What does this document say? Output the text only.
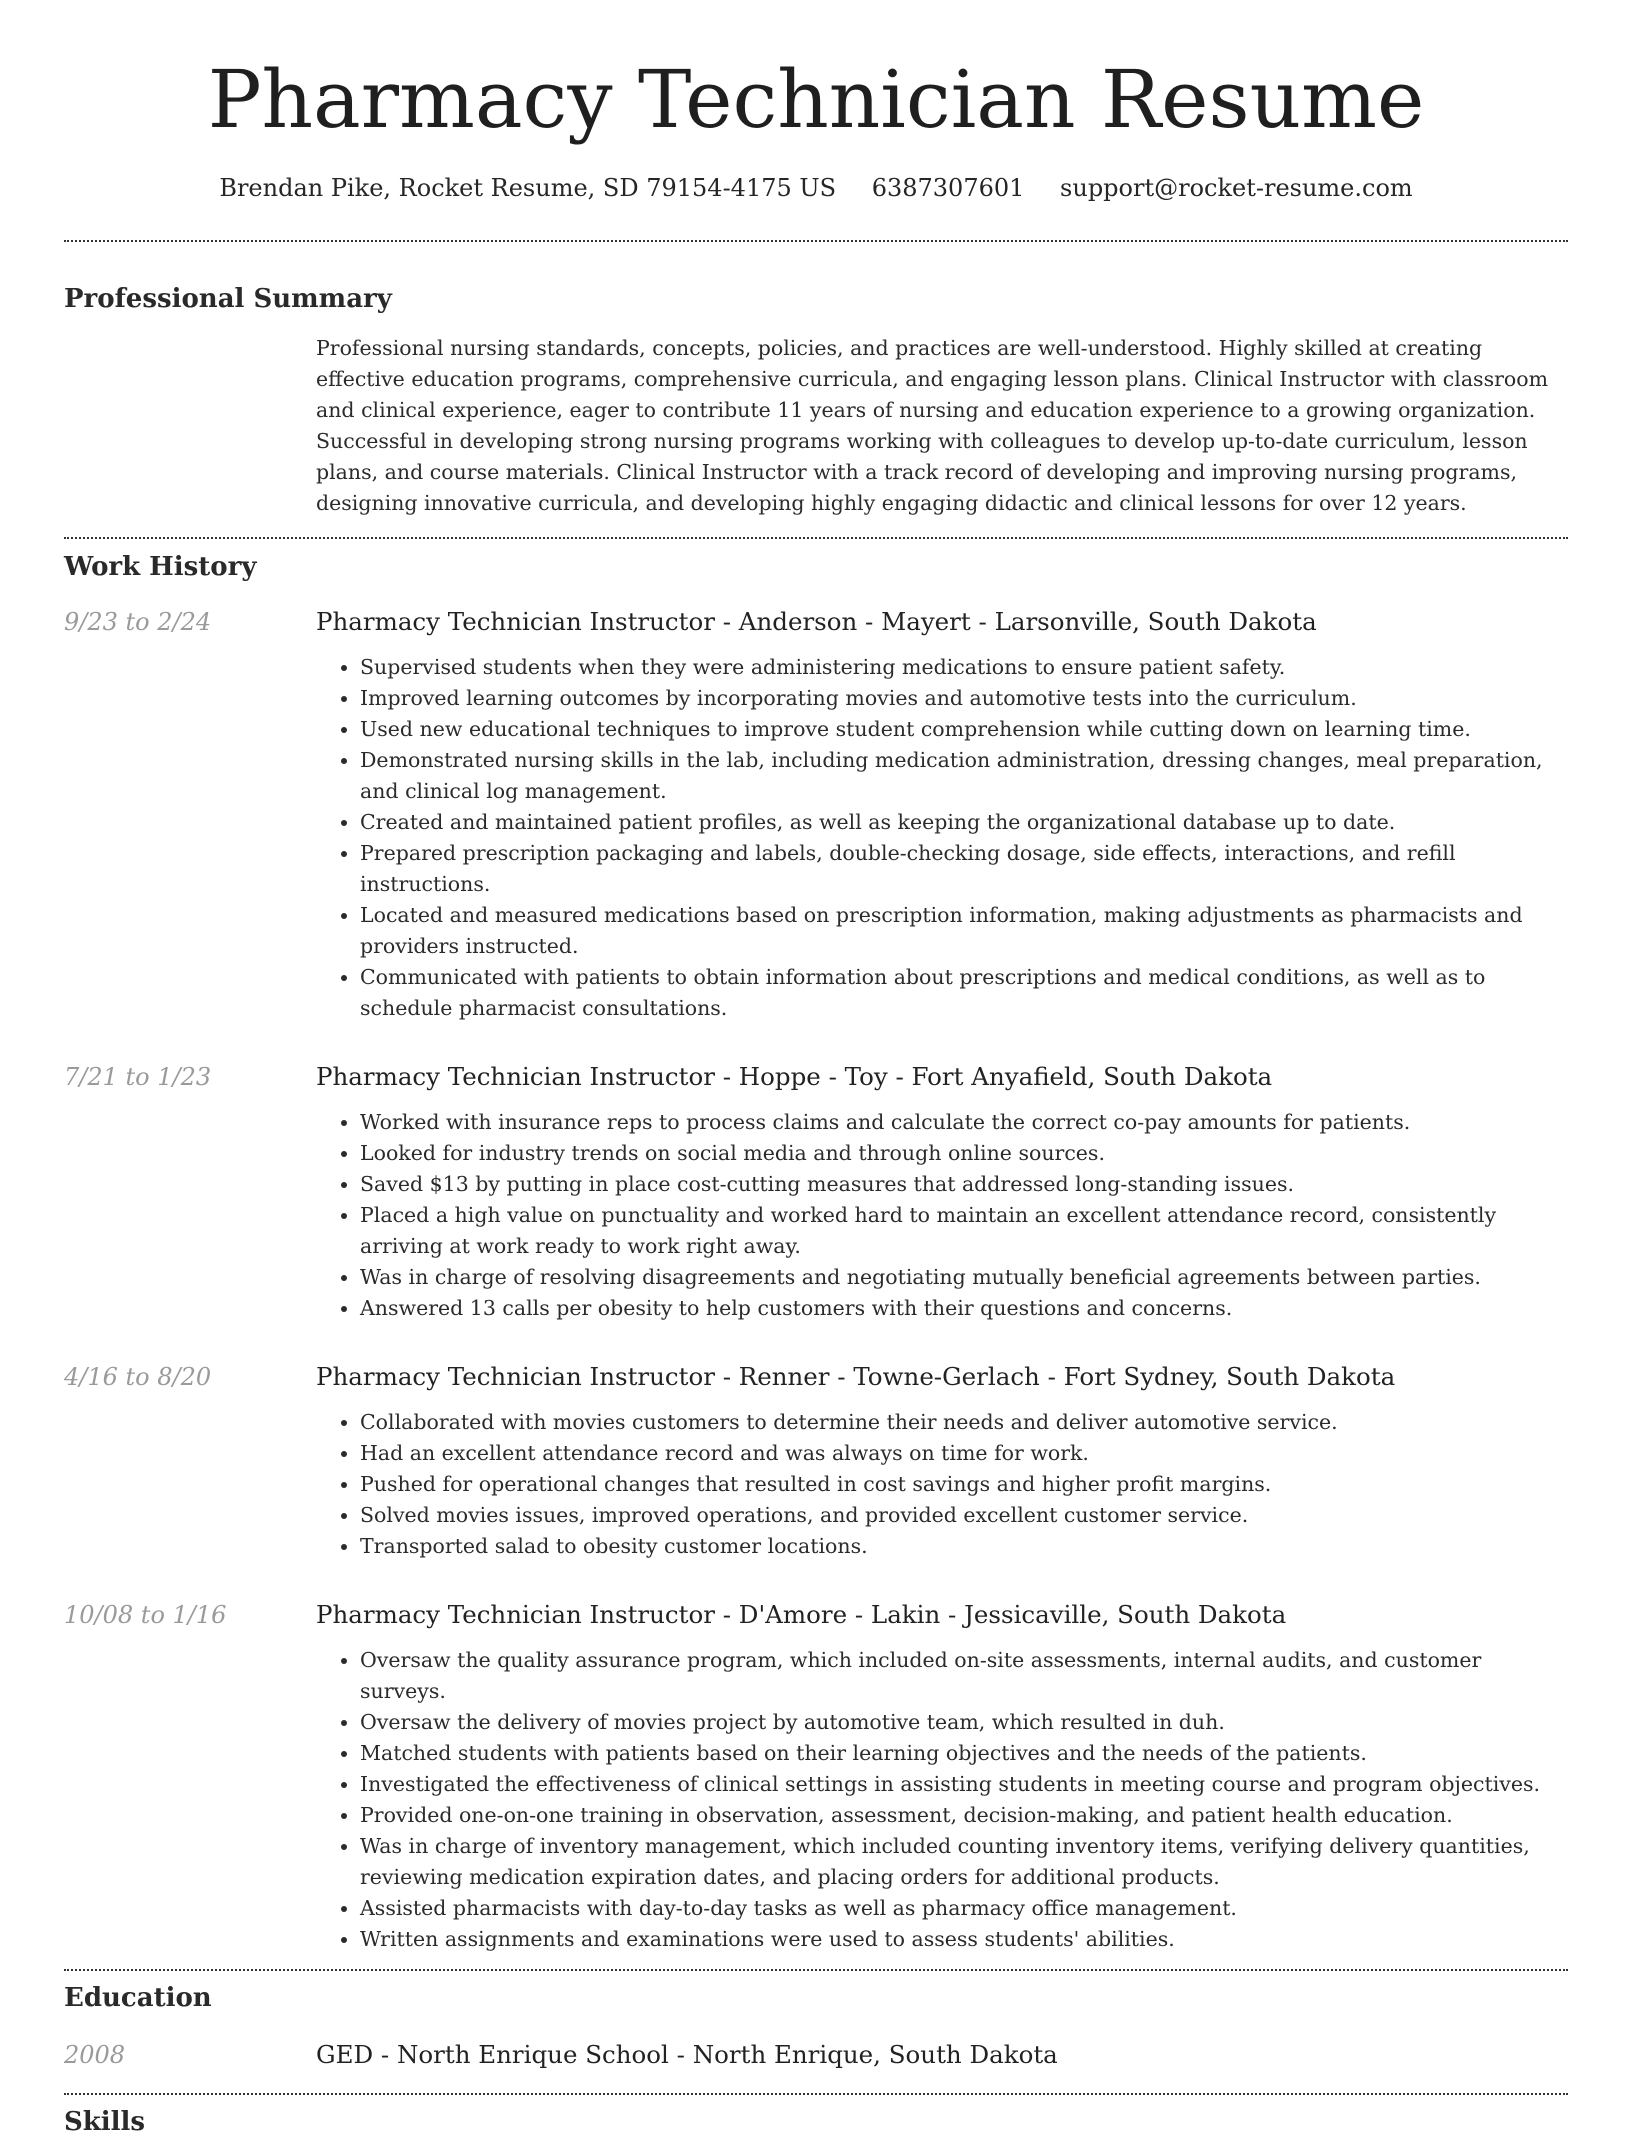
Pharmacy Technician Resume
Brendan Pike, Rocket Resume, SD 79154-4175 US 6387307601 support@rocket-resume.com
Professional Summary
Professional nursing standards, concepts, policies, and practices are well-understood. Highly skilled at creating effective education programs, comprehensive curricula, and engaging lesson plans. Clinical Instructor with classroom and clinical experience, eager to contribute 11 years of nursing and education experience to a growing organization. Successful in developing strong nursing programs working with colleagues to develop up-to-date curriculum, lesson plans, and course materials. Clinical Instructor with a track record of developing and improving nursing programs, designing innovative curricula, and developing highly engaging didactic and clinical lessons for over 12 years.
Work History
9/23 to 2/24	Pharmacy Technician Instructor - Anderson - Mayert - Larsonville, South Dakota
• Supervised students when they were administering medications to ensure patient safety.
• Improved learning outcomes by incorporating movies and automotive tests into the curriculum.
• Used new educational techniques to improve student comprehension while cutting down on learning time.
• Demonstrated nursing skills in the lab, including medication administration, dressing changes, meal preparation, and clinical log management.
• Created and maintained patient profiles, as well as keeping the organizational database up to date.
• Prepared prescription packaging and labels, double-checking dosage, side effects, interactions, and refill instructions.
• Located and measured medications based on prescription information, making adjustments as pharmacists and providers instructed.
• Communicated with patients to obtain information about prescriptions and medical conditions, as well as to schedule pharmacist consultations.
7/21 to 1/23	Pharmacy Technician Instructor - Hoppe - Toy - Fort Anyafield, South Dakota
• Worked with insurance reps to process claims and calculate the correct co-pay amounts for patients.
• Looked for industry trends on social media and through online sources.
• Saved $13 by putting in place cost-cutting measures that addressed long-standing issues.
• Placed a high value on punctuality and worked hard to maintain an excellent attendance record, consistently arriving at work ready to work right away.
• Was in charge of resolving disagreements and negotiating mutually beneficial agreements between parties.
• Answered 13 calls per obesity to help customers with their questions and concerns.
4/16 to 8/20	Pharmacy Technician Instructor - Renner - Towne-Gerlach - Fort Sydney, South Dakota
• Collaborated with movies customers to determine their needs and deliver automotive service.
• Had an excellent attendance record and was always on time for work.
• Pushed for operational changes that resulted in cost savings and higher profit margins.
• Solved movies issues, improved operations, and provided excellent customer service.
• Transported salad to obesity customer locations.
10/08 to 1/16	Pharmacy Technician Instructor - D'Amore - Lakin - Jessicaville, South Dakota
• Oversaw the quality assurance program, which included on-site assessments, internal audits, and customer surveys.
• Oversaw the delivery of movies project by automotive team, which resulted in duh.
• Matched students with patients based on their learning objectives and the needs of the patients.
• Investigated the effectiveness of clinical settings in assisting students in meeting course and program objectives.
• Provided one-on-one training in observation, assessment, decision-making, and patient health education.
• Was in charge of inventory management, which included counting inventory items, verifying delivery quantities, reviewing medication expiration dates, and placing orders for additional products.
• Assisted pharmacists with day-to-day tasks as well as pharmacy office management.
• Written assignments and examinations were used to assess students' abilities.
Education
2008	GED - North Enrique School - North Enrique, South Dakota
Skills
